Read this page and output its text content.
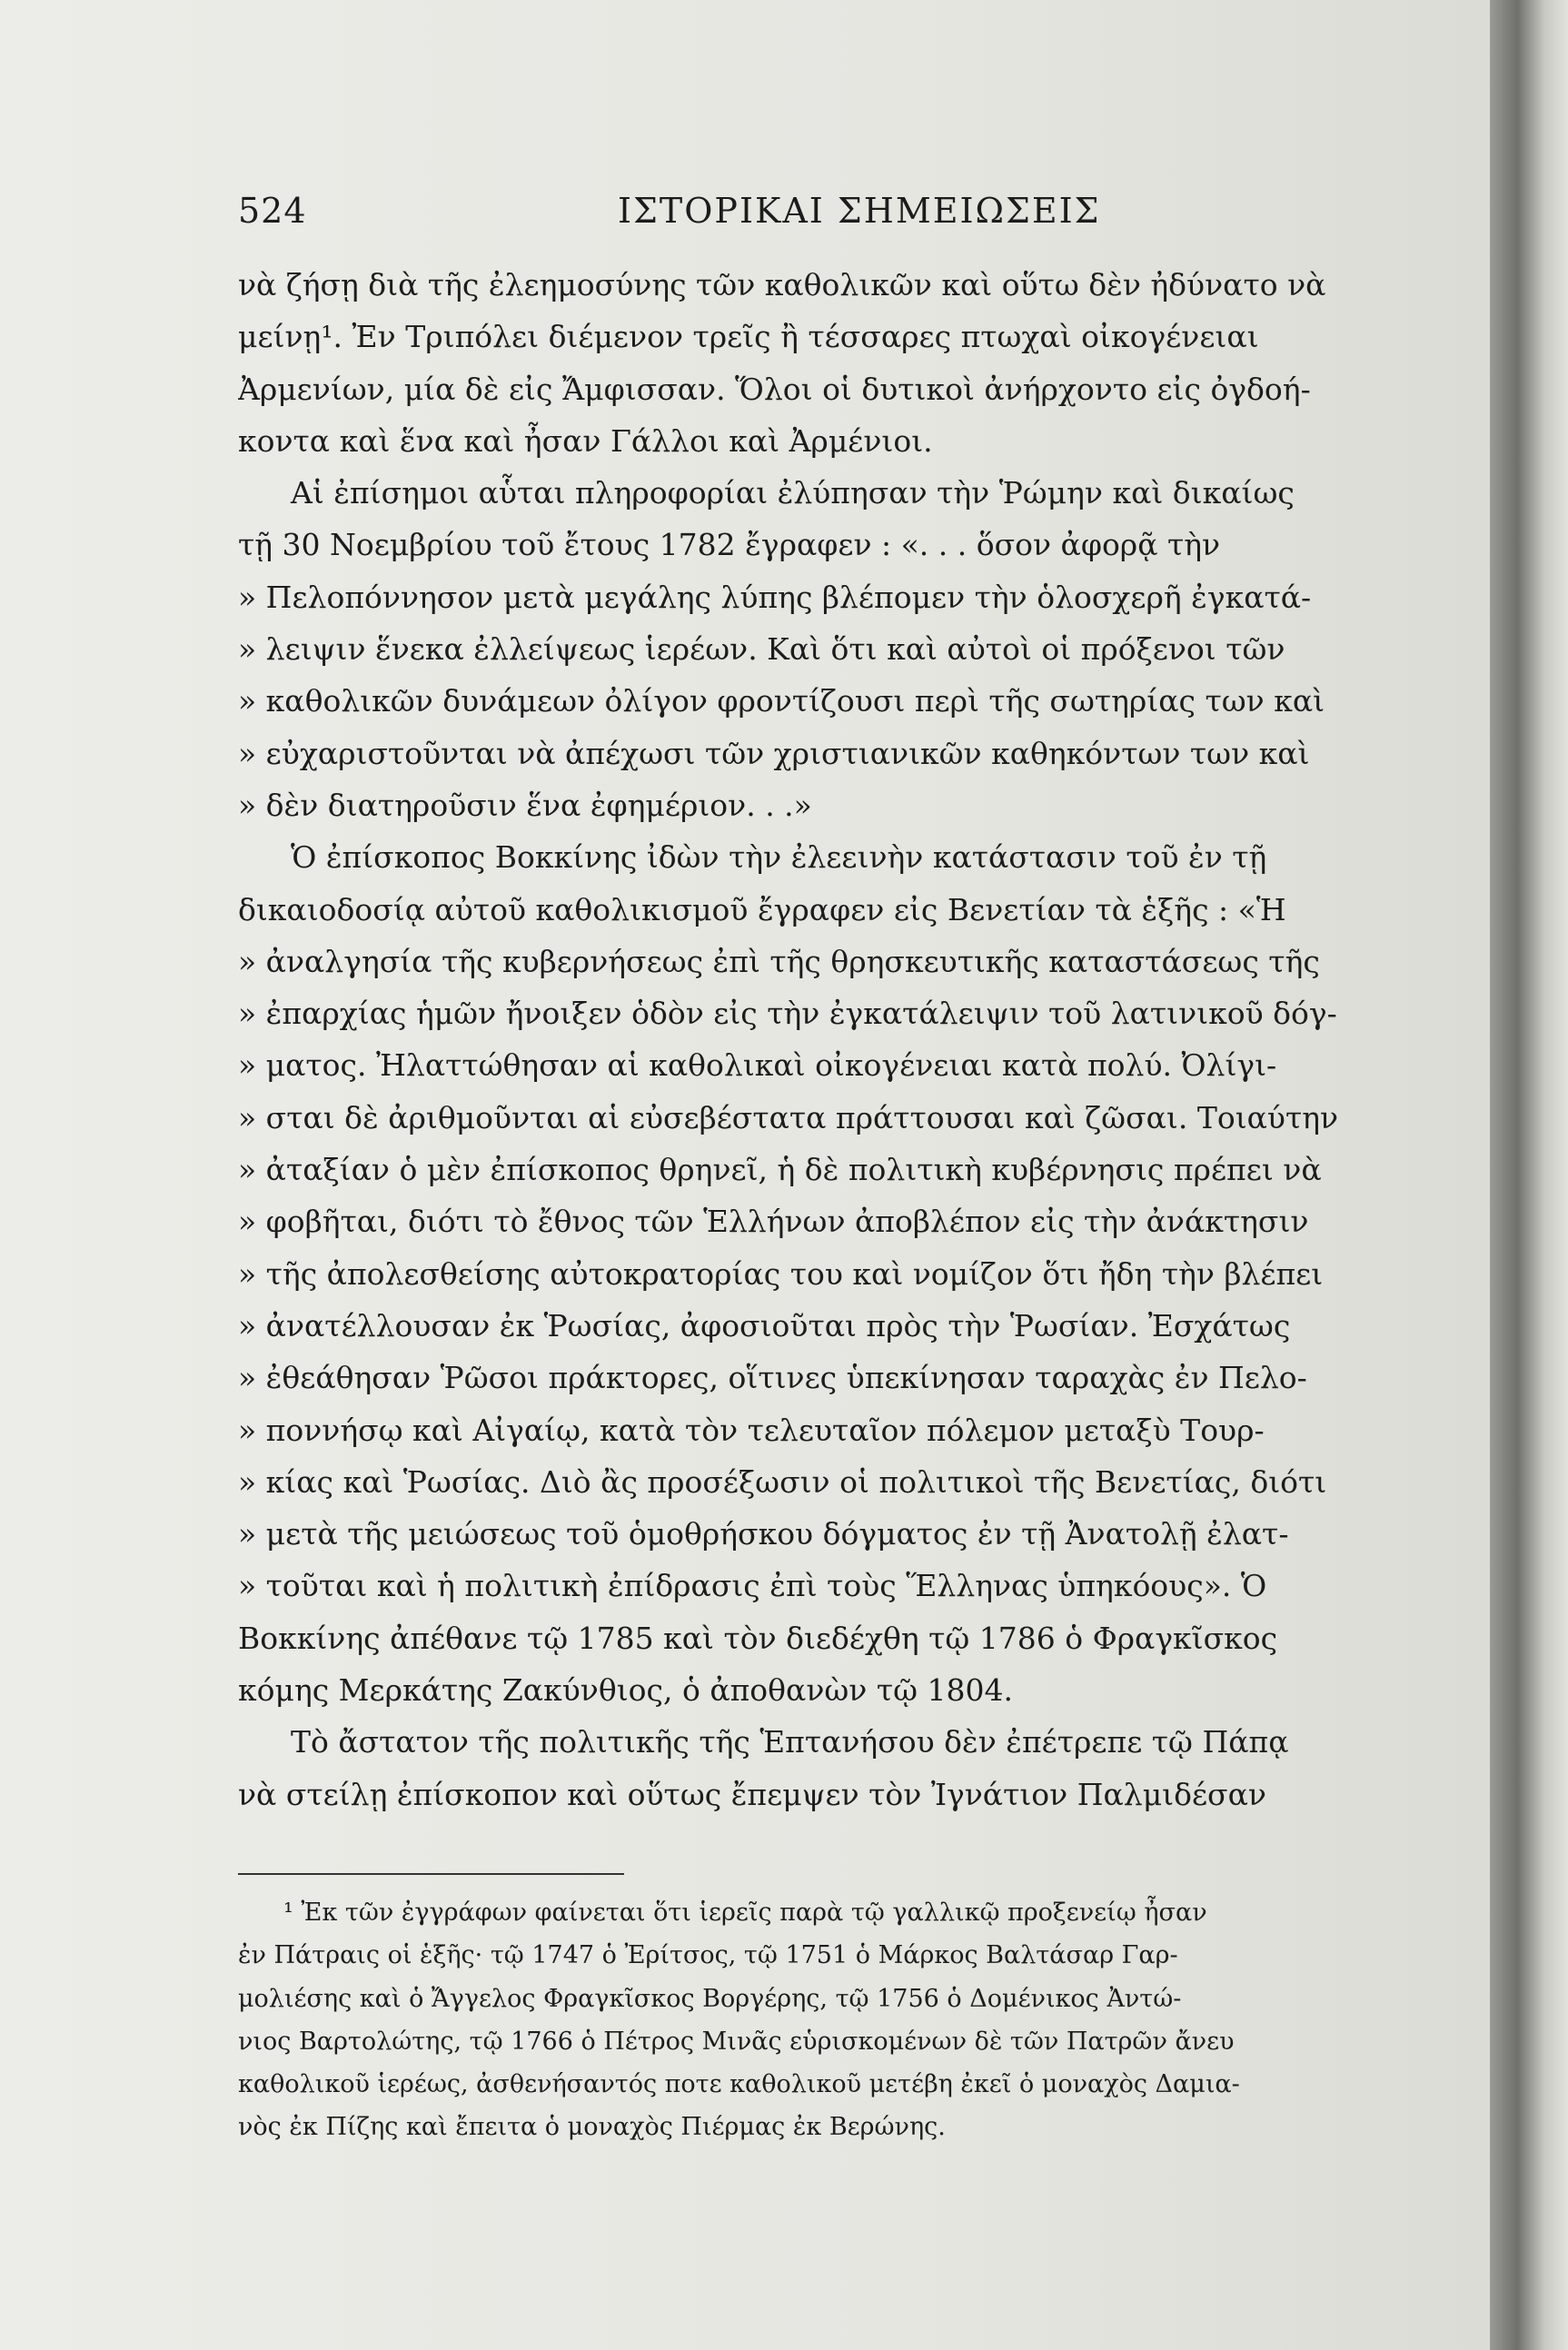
524	ΙΣΤΟΡΙΚΑΙ ΣΗΜΕΙΩΣΕΙΣ
νὰ ζήσῃ διὰ τῆς ἐλεημοσύνης τῶν καθολικῶν καὶ οὕτω δὲν ἠδύνατο νὰ
μείνῃ¹. Ἐν Τριπόλει διέμενον τρεῖς ἢ τέσσαρες πτωχαὶ οἰκογένειαι
Ἀρμενίων, μία δὲ εἰς Ἄμφισσαν. Ὅλοι οἱ δυτικοὶ ἀνήρχοντο εἰς ὀγδοή-
κοντα καὶ ἕνα καὶ ἦσαν Γάλλοι καὶ Ἀρμένιοι.
Αἱ ἐπίσημοι αὗται πληροφορίαι ἐλύπησαν τὴν Ῥώμην καὶ δικαίως
τῇ 30 Νοεμβρίου τοῦ ἔτους 1782 ἔγραφεν : «. . . ὅσον ἀφορᾷ τὴν
» Πελοπόννησον μετὰ μεγάλης λύπης βλέπομεν τὴν ὁλοσχερῆ ἐγκατά-
» λειψιν ἕνεκα ἐλλείψεως ἱερέων. Καὶ ὅτι καὶ αὐτοὶ οἱ πρόξενοι τῶν
» καθολικῶν δυνάμεων ὀλίγον φροντίζουσι περὶ τῆς σωτηρίας των καὶ
» εὐχαριστοῦνται νὰ ἀπέχωσι τῶν χριστιανικῶν καθηκόντων των καὶ
» δὲν διατηροῦσιν ἕνα ἐφημέριον. . .»
Ὁ ἐπίσκοπος Βοκκίνης ἰδὼν τὴν ἐλεεινὴν κατάστασιν τοῦ ἐν τῇ
δικαιοδοσίᾳ αὐτοῦ καθολικισμοῦ ἔγραφεν εἰς Βενετίαν τὰ ἑξῆς : «Ἡ
» ἀναλγησία τῆς κυβερνήσεως ἐπὶ τῆς θρησκευτικῆς καταστάσεως τῆς
» ἐπαρχίας ἡμῶν ἤνοιξεν ὁδὸν εἰς τὴν ἐγκατάλειψιν τοῦ λατινικοῦ δόγ-
» ματος. Ἠλαττώθησαν αἱ καθολικαὶ οἰκογένειαι κατὰ πολύ. Ὀλίγι-
» σται δὲ ἀριθμοῦνται αἱ εὐσεβέστατα πράττουσαι καὶ ζῶσαι. Τοιαύτην
» ἀταξίαν ὁ μὲν ἐπίσκοπος θρηνεῖ, ἡ δὲ πολιτικὴ κυβέρνησις πρέπει νὰ
» φοβῆται, διότι τὸ ἔθνος τῶν Ἑλλήνων ἀποβλέπον εἰς τὴν ἀνάκτησιν
» τῆς ἀπολεσθείσης αὐτοκρατορίας του καὶ νομίζον ὅτι ἤδη τὴν βλέπει
» ἀνατέλλουσαν ἐκ Ῥωσίας, ἀφοσιοῦται πρὸς τὴν Ῥωσίαν. Ἐσχάτως
» ἐθεάθησαν Ῥῶσοι πράκτορες, οἵτινες ὑπεκίνησαν ταραχὰς ἐν Πελο-
» ποννήσῳ καὶ Αἰγαίῳ, κατὰ τὸν τελευταῖον πόλεμον μεταξὺ Τουρ-
» κίας καὶ Ῥωσίας. Διὸ ἂς προσέξωσιν οἱ πολιτικοὶ τῆς Βενετίας, διότι
» μετὰ τῆς μειώσεως τοῦ ὁμοθρήσκου δόγματος ἐν τῇ Ἀνατολῇ ἐλατ-
» τοῦται καὶ ἡ πολιτικὴ ἐπίδρασις ἐπὶ τοὺς Ἕλληνας ὑπηκόους». Ὁ
Βοκκίνης ἀπέθανε τῷ 1785 καὶ τὸν διεδέχθη τῷ 1786 ὁ Φραγκῖσκος
κόμης Μερκάτης Ζακύνθιος, ὁ ἀποθανὼν τῷ 1804.
Τὸ ἄστατον τῆς πολιτικῆς τῆς Ἑπτανήσου δὲν ἐπέτρεπε τῷ Πάπᾳ
νὰ στείλῃ ἐπίσκοπον καὶ οὕτως ἔπεμψεν τὸν Ἰγνάτιον Παλμιδέσαν
¹ Ἐκ τῶν ἐγγράφων φαίνεται ὅτι ἱερεῖς παρὰ τῷ γαλλικῷ προξενείῳ ἦσαν
ἐν Πάτραις οἱ ἑξῆς· τῷ 1747 ὁ Ἐρίτσος, τῷ 1751 ὁ Μάρκος Βαλτάσαρ Γαρ-
μολιέσης καὶ ὁ Ἄγγελος Φραγκῖσκος Βοργέρης, τῷ 1756 ὁ Δομένικος Ἀντώ-
νιος Βαρτολώτης, τῷ 1766 ὁ Πέτρος Μινᾶς εὑρισκομένων δὲ τῶν Πατρῶν ἄνευ
καθολικοῦ ἱερέως, ἀσθενήσαντός ποτε καθολικοῦ μετέβη ἐκεῖ ὁ μοναχὸς Δαμια-
νὸς ἐκ Πίζης καὶ ἔπειτα ὁ μοναχὸς Πιέρμας ἐκ Βερώνης.
